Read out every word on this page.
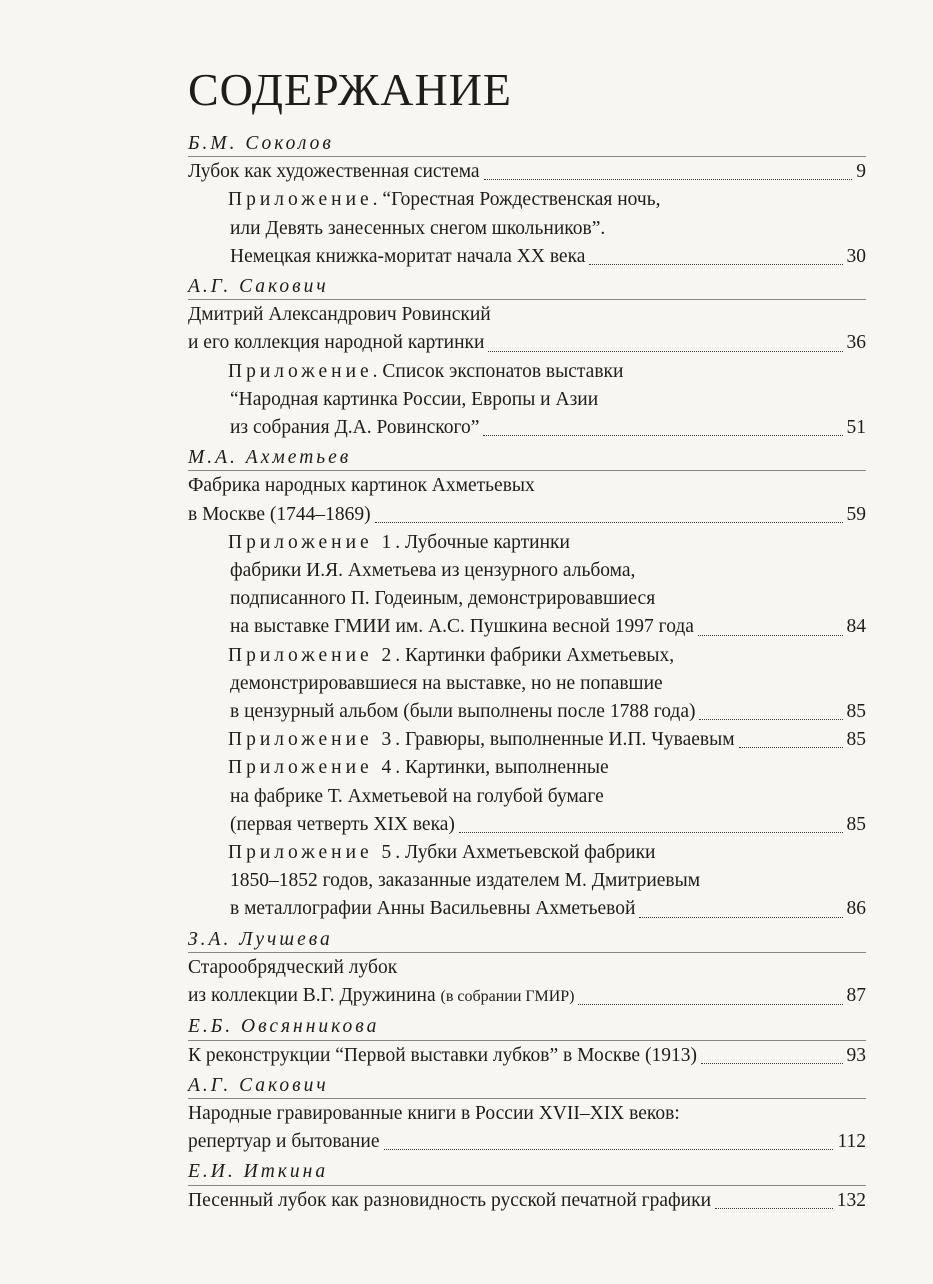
СОДЕРЖАНИЕ
Б.М. Соколов
Лубок как художественная система	9
Приложение. “Горестная Рождественская ночь,
или Девять занесенных снегом школьников”.
Немецкая книжка-моритат начала XX века	30
А.Г. Сакович
Дмитрий Александрович Ровинский
и его коллекция народной картинки	36
Приложение. Список экспонатов выставки
“Народная картинка России, Европы и Азии
из собрания Д.А. Ровинского”	51
М.А. Ахметьев
Фабрика народных картинок Ахметьевых
в Москве (1744–1869)	59
Приложение 1. Лубочные картинки
фабрики И.Я. Ахметьева из цензурного альбома,
подписанного П. Годеиным, демонстрировавшиеся
на выставке ГМИИ им. А.С. Пушкина весной 1997 года	84
Приложение 2. Картинки фабрики Ахметьевых,
демонстрировавшиеся на выставке, но не попавшие
в цензурный альбом (были выполнены после 1788 года)	85
Приложение 3. Гравюры, выполненные И.П. Чуваевым	85
Приложение 4. Картинки, выполненные
на фабрике Т. Ахметьевой на голубой бумаге
(первая четверть XIX века)	85
Приложение 5. Лубки Ахметьевской фабрики
1850–1852 годов, заказанные издателем М. Дмитриевым
в металлографии Анны Васильевны Ахметьевой	86
З.А. Лучшева
Старообрядческий лубок
из коллекции В.Г. Дружинина (в собрании ГМИР)	87
Е.Б. Овсянникова
К реконструкции “Первой выставки лубков” в Москве (1913)	93
А.Г. Сакович
Народные гравированные книги в России XVII–XIX веков:
репертуар и бытование	112
Е.И. Иткина
Песенный лубок как разновидность русской печатной графики	132
